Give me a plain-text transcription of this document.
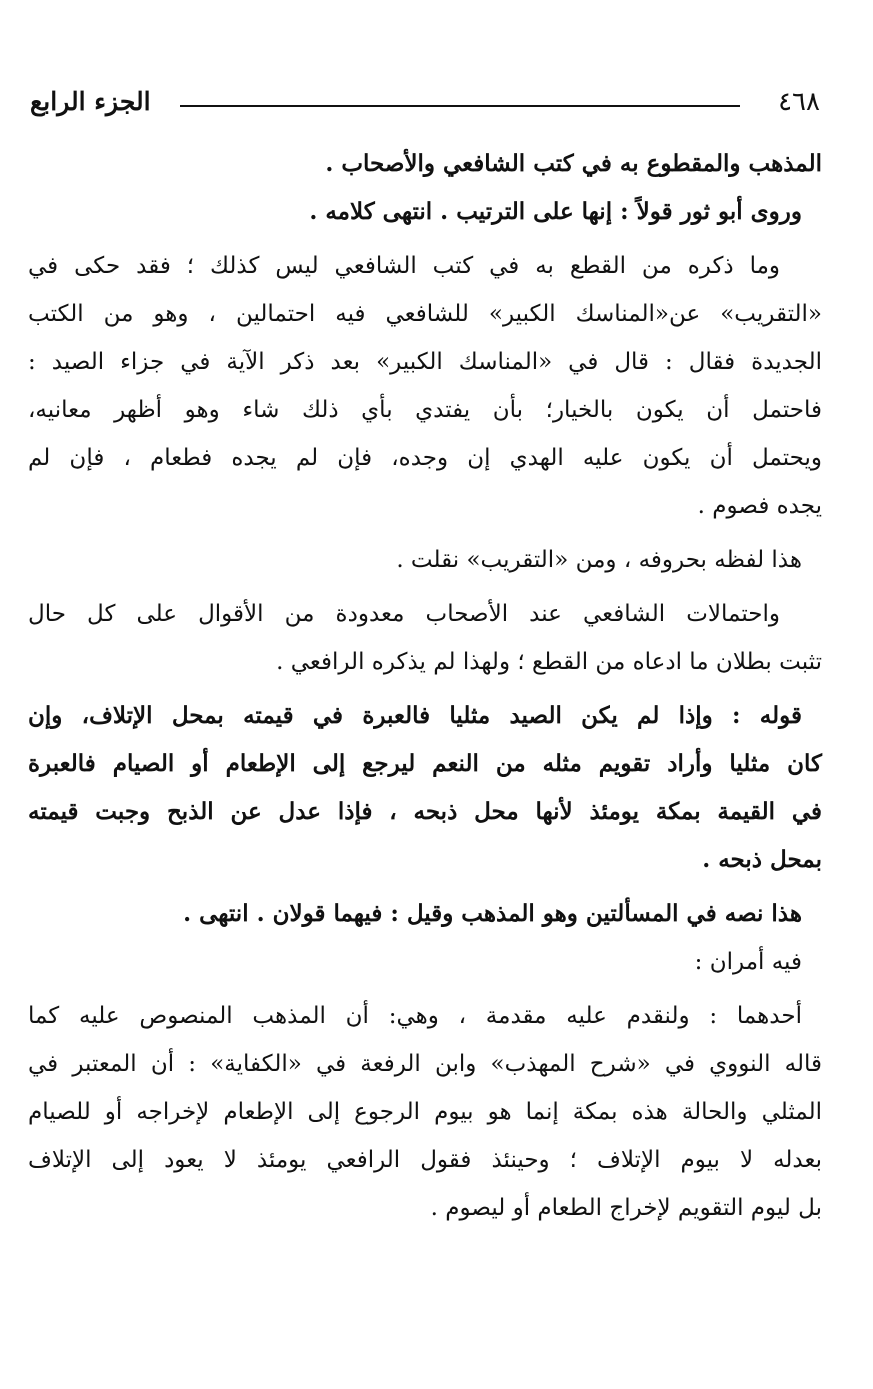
الجزء الرابع	٤٦٨
المذهب والمقطوع به في كتب الشافعي والأصحاب .
وروى أبو ثور قولاً : إنها على الترتيب . انتهى كلامه .
وما ذكره من القطع به في كتب الشافعي ليس كذلك ؛ فقد حكى في
«التقريب» عن«المناسك الكبير» للشافعي فيه احتمالين ، وهو من الكتب
الجديدة فقال : قال في «المناسك الكبير» بعد ذكر الآية في جزاء الصيد :
فاحتمل أن يكون بالخيار؛ بأن يفتدي بأي ذلك شاء وهو أظهر معانيه،
ويحتمل أن يكون عليه الهدي إن وجده، فإن لم يجده فطعام ، فإن لم
يجده فصوم .
هذا لفظه بحروفه ، ومن «التقريب» نقلت .
واحتمالات الشافعي عند الأصحاب معدودة من الأقوال على كل حال
تثبت بطلان ما ادعاه من القطع ؛ ولهذا لم يذكره الرافعي .
قوله : وإذا لم يكن الصيد مثليا فالعبرة في قيمته بمحل الإتلاف، وإن
كان مثليا وأراد تقويم مثله من النعم ليرجع إلى الإطعام أو الصيام فالعبرة
في القيمة بمكة يومئذ لأنها محل ذبحه ، فإذا عدل عن الذبح وجبت قيمته
بمحل ذبحه .
هذا نصه في المسألتين وهو المذهب وقيل : فيهما قولان . انتهى .
فيه أمران :
أحدهما : ولنقدم عليه مقدمة ، وهي: أن المذهب المنصوص عليه كما
قاله النووي في «شرح المهذب» وابن الرفعة في «الكفاية» : أن المعتبر في
المثلي والحالة هذه بمكة إنما هو بيوم الرجوع إلى الإطعام لإخراجه أو للصيام
بعدله لا بيوم الإتلاف ؛ وحينئذ فقول الرافعي يومئذ لا يعود إلى الإتلاف
بل ليوم التقويم لإخراج الطعام أو ليصوم .
